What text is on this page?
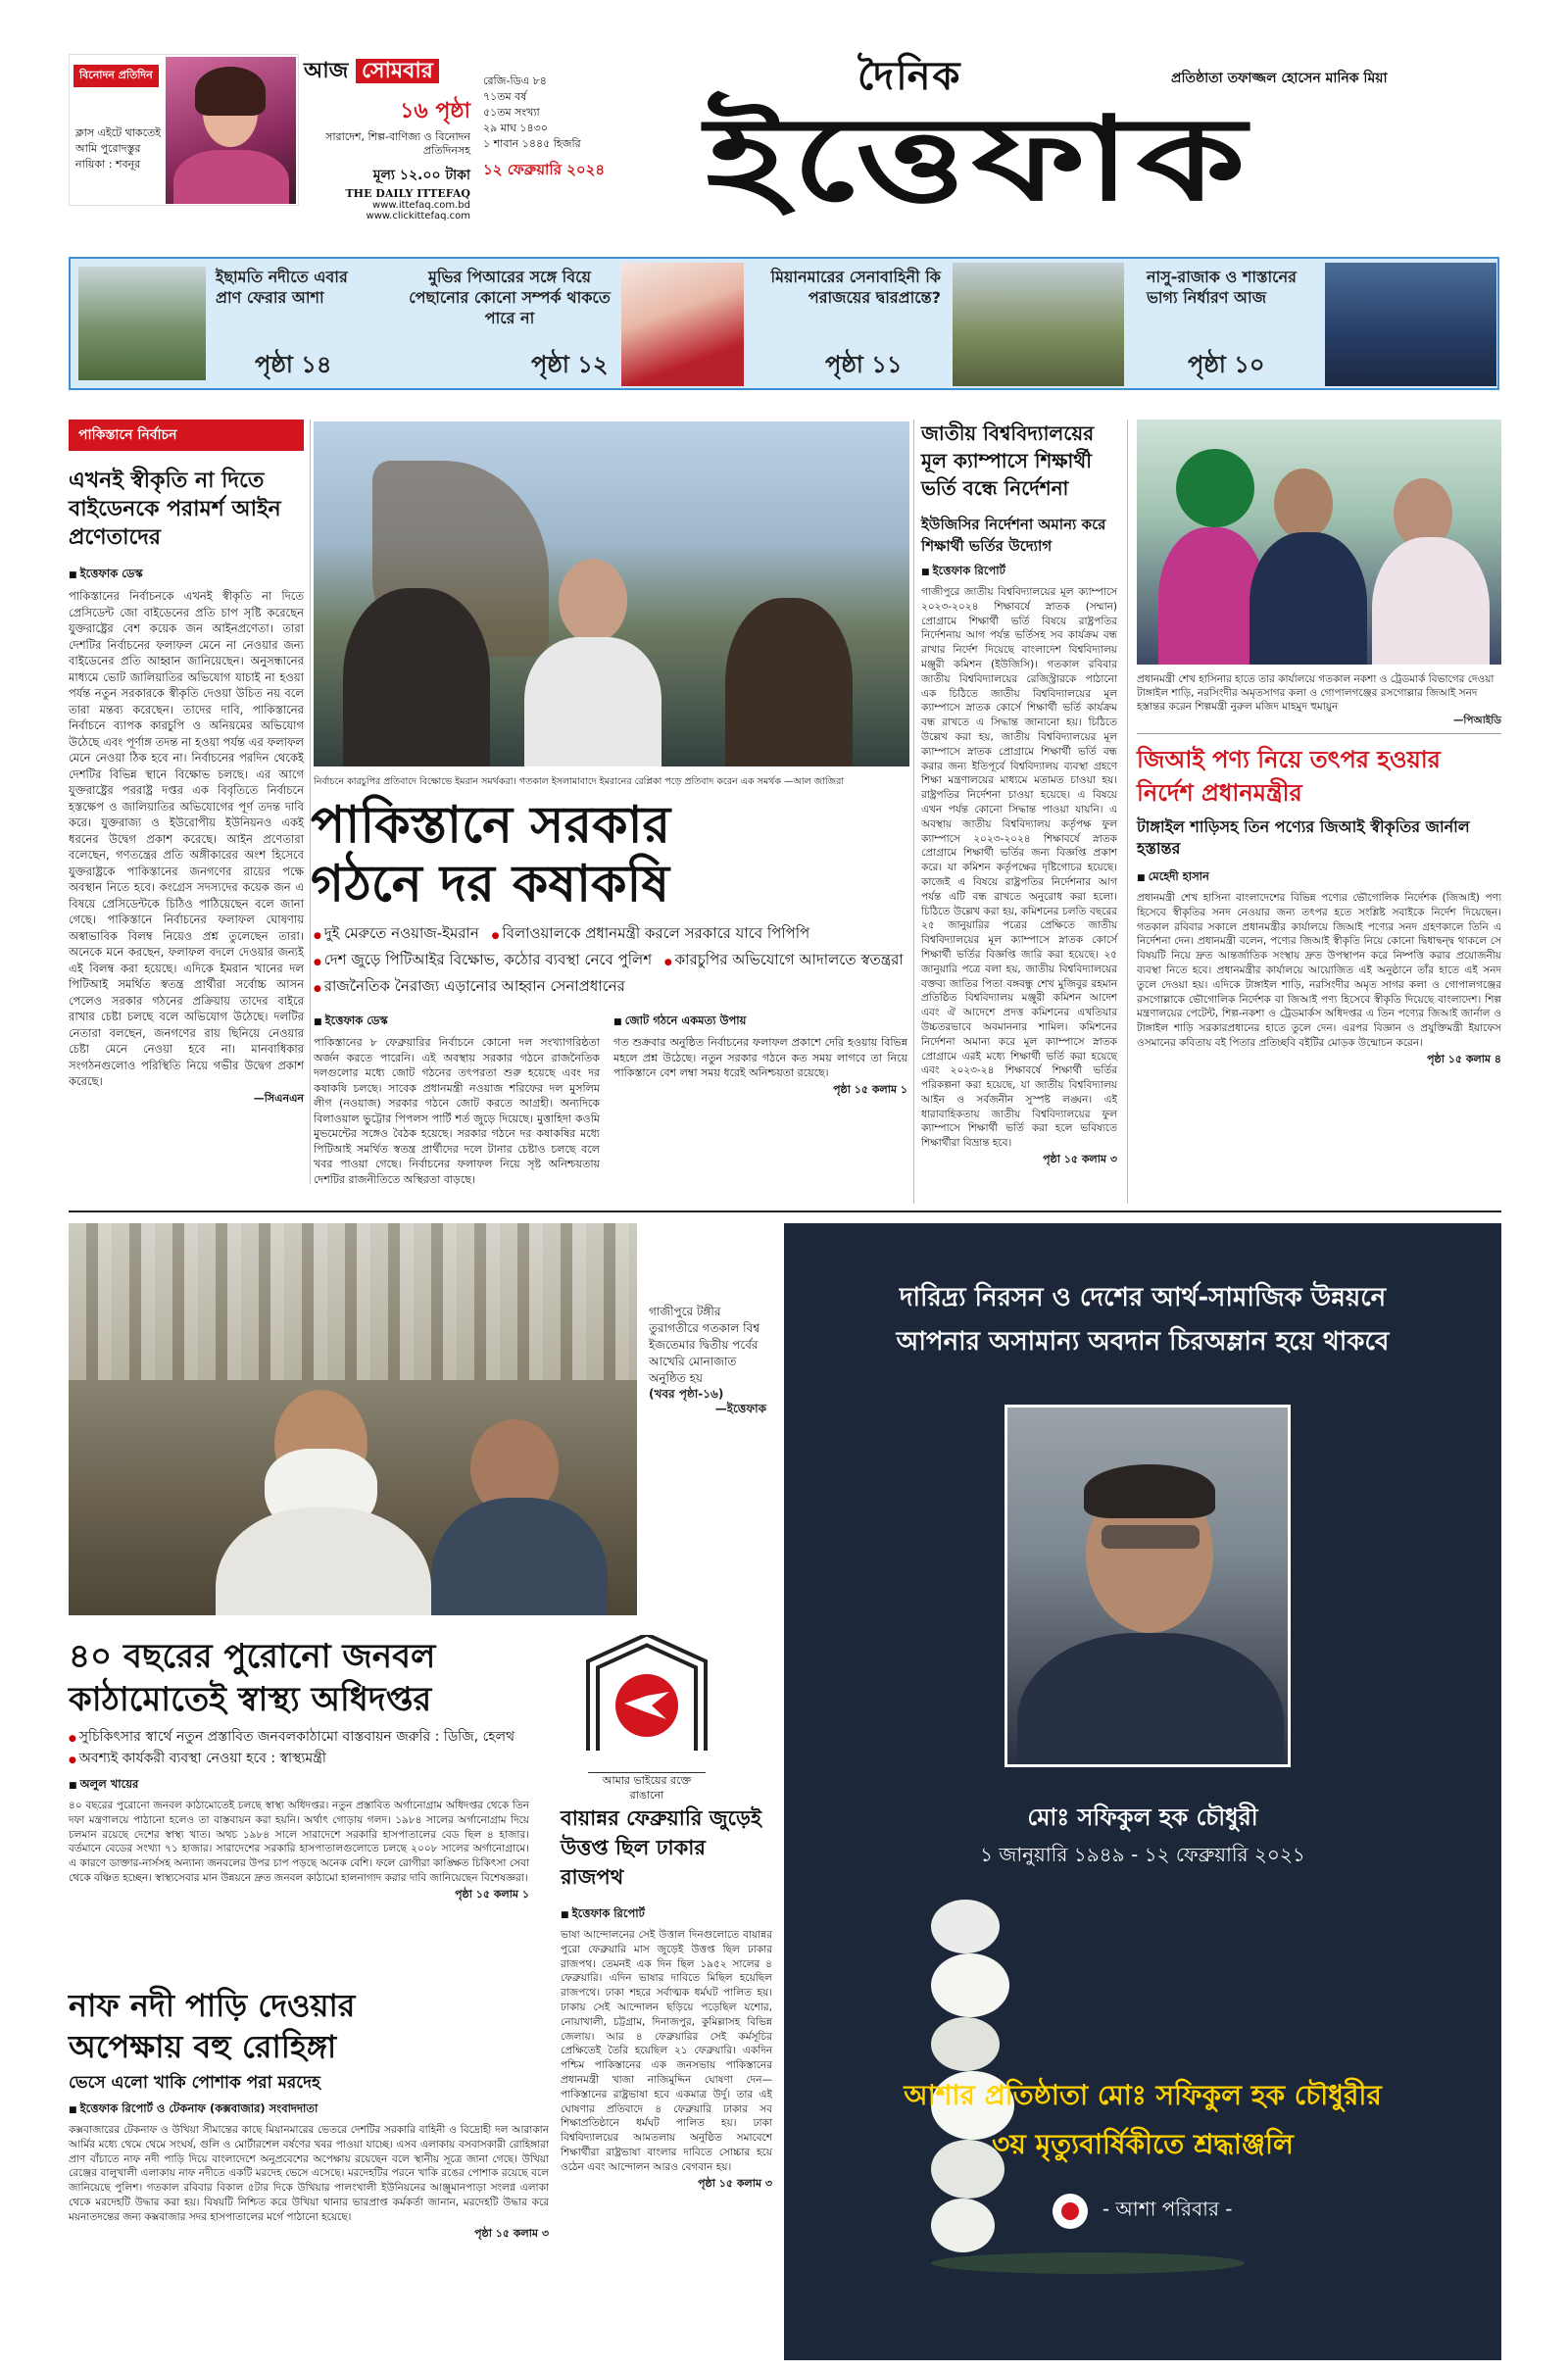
বিনোদন প্রতিদিন
ক্লাস এইটে থাকতেই আমি পুরোদস্তুর নায়িকা : শবনূর
আজ সোমবার
১৬ পৃষ্ঠা
সারাদেশ, শিল্প-বাণিজ্য ও বিনোদন প্রতিদিনসহ
মূল্য ১২.০০ টাকা
THE DAILY ITTEFAQ
www.ittefaq.com.bd
www.clickittefaq.com
রেজি-ডিএ ৮৪
৭১তম বর্ষ
৫১তম সংখ্যা
২৯ মাঘ ১৪৩০
১ শাবান ১৪৪৫ হিজরি
১২ ফেব্রুয়ারি ২০২৪
দৈনিক	প্রতিষ্ঠাতা তফাজ্জল হোসেন মানিক মিয়া
ইত্তেফাক
ইছামতি নদীতে এবার প্রাণ ফেরার আশা
পৃষ্ঠা ১৪
মুভির পিআরের সঙ্গে বিয়ে পেছানোর কোনো সম্পর্ক থাকতে পারে না
পৃষ্ঠা ১২
মিয়ানমারের সেনাবাহিনী কি পরাজয়ের দ্বারপ্রান্তে?
পৃষ্ঠা ১১
নাসু-রাজাক ও শাস্তানের ভাগ্য নির্ধারণ আজ
পৃষ্ঠা ১০
পাকিস্তানে নির্বাচন
এখনই স্বীকৃতি না দিতে বাইডেনকে পরামর্শ আইন প্রণেতাদের
■ ইত্তেফাক ডেস্ক
পাকিস্তানের নির্বাচনকে এখনই স্বীকৃতি না দিতে প্রেসিডেন্ট জো বাইডেনের প্রতি চাপ সৃষ্টি করেছেন যুক্তরাষ্ট্রের বেশ কয়েক জন আইনপ্রণেতা। তারা দেশটির নির্বাচনের ফলাফল মেনে না নেওয়ার জন্য বাইডেনের প্রতি আহ্বান জানিয়েছেন। অনুসন্ধানের মাধ্যমে ভোট জালিয়াতির অভিযোগ যাচাই না হওয়া পর্যন্ত নতুন সরকারকে স্বীকৃতি দেওয়া উচিত নয় বলে তারা মন্তব্য করেছেন। তাদের দাবি, পাকিস্তানের নির্বাচনে ব্যাপক কারচুপি ও অনিয়মের অভিযোগ উঠেছে এবং পূর্ণাঙ্গ তদন্ত না হওয়া পর্যন্ত এর ফলাফল মেনে নেওয়া ঠিক হবে না। নির্বাচনের পরদিন থেকেই দেশটির বিভিন্ন স্থানে বিক্ষোভ চলছে। এর আগে যুক্তরাষ্ট্রের পররাষ্ট্র দপ্তর এক বিবৃতিতে নির্বাচনে হস্তক্ষেপ ও জালিয়াতির অভিযোগের পূর্ণ তদন্ত দাবি করে। যুক্তরাজ্য ও ইউরোপীয় ইউনিয়নও একই ধরনের উদ্বেগ প্রকাশ করেছে। আইন প্রণেতারা বলেছেন, গণতন্ত্রের প্রতি অঙ্গীকারের অংশ হিসেবে যুক্তরাষ্ট্রকে পাকিস্তানের জনগণের রায়ের পক্ষে অবস্থান নিতে হবে। কংগ্রেস সদস্যদের কয়েক জন এ বিষয়ে প্রেসিডেন্টকে চিঠিও পাঠিয়েছেন বলে জানা গেছে। পাকিস্তানে নির্বাচনের ফলাফল ঘোষণায় অস্বাভাবিক বিলম্ব নিয়েও প্রশ্ন তুলেছেন তারা। অনেকে মনে করছেন, ফলাফল বদলে দেওয়ার জন্যই এই বিলম্ব করা হয়েছে। এদিকে ইমরান খানের দল পিটিআই সমর্থিত স্বতন্ত্র প্রার্থীরা সর্বোচ্চ আসন পেলেও সরকার গঠনের প্রক্রিয়ায় তাদের বাইরে রাখার চেষ্টা চলছে বলে অভিযোগ উঠেছে। দলটির নেতারা বলছেন, জনগণের রায় ছিনিয়ে নেওয়ার চেষ্টা মেনে নেওয়া হবে না। মানবাধিকার সংগঠনগুলোও পরিস্থিতি নিয়ে গভীর উদ্বেগ প্রকাশ করেছে।
—সিএনএন
নির্বাচনে কারচুপির প্রতিবাদে বিক্ষোভে ইমরান সমর্থকরা। গতকাল ইসলামাবাদে ইমরানের রেপ্লিকা পড়ে প্রতিবাদ করেন এক সমর্থক —আল জাজিরা
পাকিস্তানে সরকার
গঠনে দর কষাকষি
● দুই মেরুতে নওয়াজ-ইমরান ● বিলাওয়ালকে প্রধানমন্ত্রী করলে সরকারে যাবে পিপিপি
● দেশ জুড়ে পিটিআইর বিক্ষোভ, কঠোর ব্যবস্থা নেবে পুলিশ ● কারচুপির অভিযোগে আদালতে স্বতন্ত্ররা
● রাজনৈতিক নৈরাজ্য এড়ানোর আহ্বান সেনাপ্রধানের
■ ইত্তেফাক ডেস্ক
পাকিস্তানের ৮ ফেব্রুয়ারির নির্বাচনে কোনো দল সংখ্যাগরিষ্ঠতা অর্জন করতে পারেনি। এই অবস্থায় সরকার গঠনে রাজনৈতিক দলগুলোর মধ্যে জোট গঠনের তৎপরতা শুরু হয়েছে এবং দর কষাকষি চলছে। সাবেক প্রধানমন্ত্রী নওয়াজ শরিফের দল মুসলিম লীগ (নওয়াজ) সরকার গঠনে জোট করতে আগ্রহী। অন্যদিকে বিলাওয়াল ভুট্টোর পিপলস পার্টি শর্ত জুড়ে দিয়েছে। মুত্তাহিদা কওমি মুভমেন্টের সঙ্গেও বৈঠক হয়েছে। সরকার গঠনে দর কষাকষির মধ্যে পিটিআই সমর্থিত স্বতন্ত্র প্রার্থীদের দলে টানার চেষ্টাও চলছে বলে খবর পাওয়া গেছে। নির্বাচনের ফলাফল নিয়ে সৃষ্ট অনিশ্চয়তায় দেশটির রাজনীতিতে অস্থিরতা বাড়ছে।
■ জোট গঠনে একমত্য উপায়
গত শুক্রবার অনুষ্ঠিত নির্বাচনের ফলাফল প্রকাশে দেরি হওয়ায় বিভিন্ন মহলে প্রশ্ন উঠেছে। নতুন সরকার গঠনে কত সময় লাগবে তা নিয়ে পাকিস্তানে বেশ লম্বা সময় ধরেই অনিশ্চয়তা রয়েছে।
পৃষ্ঠা ১৫ কলাম ১
জাতীয় বিশ্ববিদ্যালয়ের মূল ক্যাম্পাসে শিক্ষার্থী ভর্তি বন্ধে নির্দেশনা
ইউজিসির নির্দেশনা অমান্য করে শিক্ষার্থী ভর্তির উদ্যোগ
■ ইত্তেফাক রিপোর্ট
গাজীপুরে জাতীয় বিশ্ববিদ্যালয়ের মূল ক্যাম্পাসে ২০২৩-২০২৪ শিক্ষাবর্ষে স্নাতক (সম্মান) প্রোগ্রামে শিক্ষার্থী ভর্তি বিষয়ে রাষ্ট্রপতির নির্দেশনায় আগ পর্যন্ত ভর্তিসহ সব কার্যক্রম বন্ধ রাখার নির্দেশ দিয়েছে বাংলাদেশ বিশ্ববিদ্যালয় মঞ্জুরী কমিশন (ইউজিসি)। গতকাল রবিবার জাতীয় বিশ্ববিদ্যালয়ের রেজিস্ট্রারকে পাঠানো এক চিঠিতে জাতীয় বিশ্ববিদ্যালয়ের মূল ক্যাম্পাসে স্নাতক কোর্সে শিক্ষার্থী ভর্তি কার্যক্রম বন্ধ রাখতে এ সিদ্ধান্ত জানানো হয়। চিঠিতে উল্লেখ করা হয়, জাতীয় বিশ্ববিদ্যালয়ের মূল ক্যাম্পাসে স্নাতক প্রোগ্রামে শিক্ষার্থী ভর্তি বন্ধ করার জন্য ইতিপূর্বে বিশ্ববিদ্যালয় ব্যবস্থা গ্রহণে শিক্ষা মন্ত্রণালয়ের মাধ্যমে মতামত চাওয়া হয়। রাষ্ট্রপতির নির্দেশনা চাওয়া হয়েছে। এ বিষয়ে এখন পর্যন্ত কোনো সিদ্ধান্ত পাওয়া যায়নি। এ অবস্থায় জাতীয় বিশ্ববিদ্যালয় কর্তৃপক্ষ ফুল ক্যাম্পাসে ২০২৩-২০২৪ শিক্ষাবর্ষে স্নাতক প্রোগ্রামে শিক্ষার্থী ভর্তির জন্য বিজ্ঞপ্তি প্রকাশ করে। যা কমিশন কর্তৃপক্ষের দৃষ্টিগোচর হয়েছে। কাজেই এ বিষয়ে রাষ্ট্রপতির নির্দেশনার আগ পর্যন্ত এটি বন্ধ রাখতে অনুরোধ করা হলো। চিঠিতে উল্লেখ করা হয়, কমিশনের চলতি বছরের ২৫ জানুয়ারির পত্রের প্রেক্ষিতে জাতীয় বিশ্ববিদ্যালয়ের মূল ক্যাম্পাসে স্নাতক কোর্সে শিক্ষার্থী ভর্তির বিজ্ঞপ্তি জারি করা হয়েছে। ২৫ জানুয়ারি পত্রে বলা হয়, জাতীয় বিশ্ববিদ্যালয়ের বক্তব্য জাতির পিতা বঙ্গবন্ধু শেখ মুজিবুর রহমান প্রতিষ্ঠিত বিশ্ববিদ্যালয় মঞ্জুরী কমিশন আদেশ এবং ঐ আদেশে প্রদত্ত কমিশনের এখতিয়ার উচ্চতরভাবে অবমাননার শামিল। কমিশনের নির্দেশনা অমান্য করে মূল ক্যাম্পাসে স্নাতক প্রোগ্রামে এরই মধ্যে শিক্ষার্থী ভর্তি করা হয়েছে এবং ২০২৩-২৪ শিক্ষাবর্ষে শিক্ষার্থী ভর্তির পরিকল্পনা করা হয়েছে, যা জাতীয় বিশ্ববিদ্যালয় আইন ও সর্বজনীন সুস্পষ্ট লঙ্ঘন। এই ধারাবাহিকতায় জাতীয় বিশ্ববিদ্যালয়ের ফুল ক্যাম্পাসে শিক্ষার্থী ভর্তি করা হলে ভবিষ্যতে শিক্ষার্থীরা বিভ্রান্ত হবে।
পৃষ্ঠা ১৫ কলাম ৩
প্রধানমন্ত্রী শেখ হাসিনার হাতে তার কার্যালয়ে গতকাল নকশা ও ট্রেডমার্ক বিভাগের দেওয়া টাঙ্গাইল শাড়ি, নরসিংদীর অমৃতসাগর কলা ও গোপালগঞ্জের রসগোল্লার জিআই সনদ হস্তান্তর করেন শিল্পমন্ত্রী নুরুল মজিদ মাহমুদ হুমায়ুন
—পিআইডি
জিআই পণ্য নিয়ে তৎপর হওয়ার নির্দেশ প্রধানমন্ত্রীর
টাঙ্গাইল শাড়িসহ তিন পণ্যের জিআই স্বীকৃতির জার্নাল হস্তান্তর
■ মেহেদী হাসান
প্রধানমন্ত্রী শেখ হাসিনা বাংলাদেশের বিভিন্ন পণ্যের ভৌগোলিক নির্দেশক (জিআই) পণ্য হিসেবে স্বীকৃতির সনদ নেওয়ার জন্য তৎপর হতে সংশ্লিষ্ট সবাইকে নির্দেশ দিয়েছেন। গতকাল রবিবার সকালে প্রধানমন্ত্রীর কার্যালয়ে জিআই পণ্যের সনদ গ্রহণকালে তিনি এ নির্দেশনা দেন। প্রধানমন্ত্রী বলেন, পণ্যের জিআই স্বীকৃতি নিয়ে কোনো দ্বিধাদ্বন্দ্ব থাকলে সে বিষয়টি নিয়ে দ্রুত আন্তর্জাতিক সংস্থায় দ্রুত উপস্থাপন করে নিষ্পত্তি করার প্রয়োজনীয় ব্যবস্থা নিতে হবে। প্রধানমন্ত্রীর কার্যালয়ে আয়োজিত এই অনুষ্ঠানে তাঁর হাতে এই সনদ তুলে দেওয়া হয়। এদিকে টাঙ্গাইল শাড়ি, নরসিংদীর অমৃত সাগর কলা ও গোপালগঞ্জের রসগোল্লাকে ভৌগোলিক নির্দেশক বা জিআই পণ্য হিসেবে স্বীকৃতি দিয়েছে বাংলাদেশ। শিল্প মন্ত্রণালয়ের পেটেন্ট, শিল্প-নকশা ও ট্রেডমার্কস অধিদপ্তর এ তিন পণ্যের জিআই জার্নাল ও টাঙ্গাইল শাড়ি সরকারপ্রধানের হাতে তুলে দেন। এরপর বিজ্ঞান ও প্রযুক্তিমন্ত্রী ইয়াফেস ওসমানের কবিতায় বই পিতার প্রতিচ্ছবি বইটির মোড়ক উন্মোচন করেন।
পৃষ্ঠা ১৫ কলাম ৪
গাজীপুরে টঙ্গীর তুরাগতীরে গতকাল বিশ্ব ইজতেমার দ্বিতীয় পর্বের আখেরি মোনাজাত অনুষ্ঠিত হয়
(খবর পৃষ্ঠা-১৬)
—ইত্তেফাক
৪০ বছরের পুরোনো জনবল
কাঠামোতেই স্বাস্থ্য অধিদপ্তর
● সুচিকিৎসার স্বার্থে নতুন প্রস্তাবিত জনবলকাঠামো বাস্তবায়ন জরুরি : ডিজি, হেলথ
● অবশ্যই কার্যকরী ব্যবস্থা নেওয়া হবে : স্বাস্থ্যমন্ত্রী
■ অলুল খায়ের
৪০ বছরের পুরোনো জনবল কাঠামোতেই চলছে স্বাস্থ্য অধিদপ্তর। নতুন প্রস্তাবিত অর্গানোগ্রাম অধিদপ্তর থেকে তিন দফা মন্ত্রণালয়ে পাঠানো হলেও তা বাস্তবায়ন করা হয়নি। অর্থাৎ গোড়ায় গলদ। ১৯৮৪ সালের অর্গানোগ্রাম দিয়ে চলমান রয়েছে দেশের স্বাস্থ্য খাত। অথচ ১৯৮৪ সালে সারাদেশে সরকারি হাসপাতালের বেড ছিল ৪ হাজার। বর্তমানে বেডের সংখ্যা ৭১ হাজার। সারাদেশের সরকারি হাসপাতালগুলোতে চলছে ২০০৮ সালের অর্গানোগ্রামে। এ কারণে ডাক্তার-নার্সসহ অন্যান্য জনবলের উপর চাপ পড়ছে অনেক বেশি। ফলে রোগীরা কাঙ্ক্ষিত চিকিৎসা সেবা থেকে বঞ্চিত হচ্ছেন। স্বাস্থ্যসেবার মান উন্নয়নে দ্রুত জনবল কাঠামো হালনাগাদ করার দাবি জানিয়েছেন বিশেষজ্ঞরা।
পৃষ্ঠা ১৫ কলাম ১
আমার ভাইয়ের রক্তে রাঙানো
বায়ান্নর ফেব্রুয়ারি জুড়েই উত্তপ্ত ছিল ঢাকার রাজপথ
■ ইত্তেফাক রিপোর্ট
ভাষা আন্দোলনের সেই উত্তাল দিনগুলোতে বায়ান্নর পুরো ফেব্রুয়ারি মাস জুড়েই উত্তপ্ত ছিল ঢাকার রাজপথ। তেমনই এক দিন ছিল ১৯৫২ সালের ৪ ফেব্রুয়ারি। এদিন ভাষার দাবিতে মিছিল হয়েছিল রাজপথে। ঢাকা শহরে সর্বাত্মক ধর্মঘট পালিত হয়। ঢাকায় সেই আন্দোলন ছড়িয়ে পড়েছিল যশোর, নোয়াখালী, চট্টগ্রাম, দিনাজপুর, কুমিল্লাসহ বিভিন্ন জেলায়। আর ৪ ফেব্রুয়ারির সেই কর্মসূচির প্রেক্ষিতেই তৈরি হয়েছিল ২১ ফেব্রুয়ারি। একদিন পশ্চিম পাকিস্তানের এক জনসভায় পাকিস্তানের প্রধানমন্ত্রী খাজা নাজিমুদ্দিন ঘোষণা দেন—পাকিস্তানের রাষ্ট্রভাষা হবে একমাত্র উর্দু। তার এই ঘোষণার প্রতিবাদে ৪ ফেব্রুয়ারি ঢাকার সব শিক্ষাপ্রতিষ্ঠানে ধর্মঘট পালিত হয়। ঢাকা বিশ্ববিদ্যালয়ের আমতলায় অনুষ্ঠিত সমাবেশে শিক্ষার্থীরা রাষ্ট্রভাষা বাংলার দাবিতে সোচ্চার হয়ে ওঠেন এবং আন্দোলন আরও বেগবান হয়।
পৃষ্ঠা ১৫ কলাম ৩
নাফ নদী পাড়ি দেওয়ার
অপেক্ষায় বহু রোহিঙ্গা
ভেসে এলো খাকি পোশাক পরা মরদেহ
■ ইত্তেফাক রিপোর্ট ও টেকনাফ (কক্সবাজার) সংবাদদাতা
কক্সবাজারের টেকনাফ ও উখিয়া সীমান্তের কাছে মিয়ানমারের ভেতরে দেশটির সরকারি বাহিনী ও বিদ্রোহী দল আরাকান আর্মির মধ্যে থেমে থেমে সংঘর্ষ, গুলি ও মোর্টারশেল বর্ষণের খবর পাওয়া যাচ্ছে। এসব এলাকায় বসবাসকারী রোহিঙ্গারা প্রাণ বাঁচাতে নাফ নদী পাড়ি দিয়ে বাংলাদেশে অনুপ্রবেশের অপেক্ষায় রয়েছেন বলে স্থানীয় সূত্রে জানা গেছে। উখিয়া রেঞ্জের বালুখালী এলাকায় নাফ নদীতে একটি মরদেহ ভেসে এসেছে। মরদেহটির পরনে খাকি রঙের পোশাক রয়েছে বলে জানিয়েছে পুলিশ। গতকাল রবিবার বিকাল ৫টার দিকে উখিয়ার পালংখালী ইউনিয়নের আঞ্জুমানপাড়া সংলগ্ন এলাকা থেকে মরদেহটি উদ্ধার করা হয়। বিষয়টি নিশ্চিত করে উখিয়া থানার ভারপ্রাপ্ত কর্মকর্তা জানান, মরদেহটি উদ্ধার করে ময়নাতদন্তের জন্য কক্সবাজার সদর হাসপাতালের মর্গে পাঠানো হয়েছে।
পৃষ্ঠা ১৫ কলাম ৩
দারিদ্র্য নিরসন ও দেশের আর্থ-সামাজিক উন্নয়নে
আপনার অসামান্য অবদান চিরঅম্লান হয়ে থাকবে
মোঃ সফিকুল হক চৌধুরী
১ জানুয়ারি ১৯৪৯ - ১২ ফেব্রুয়ারি ২০২১
আশার প্রতিষ্ঠাতা মোঃ সফিকুল হক চৌধুরীর
৩য় মৃত্যুবার্ষিকীতে শ্রদ্ধাঞ্জলি
- আশা পরিবার -
